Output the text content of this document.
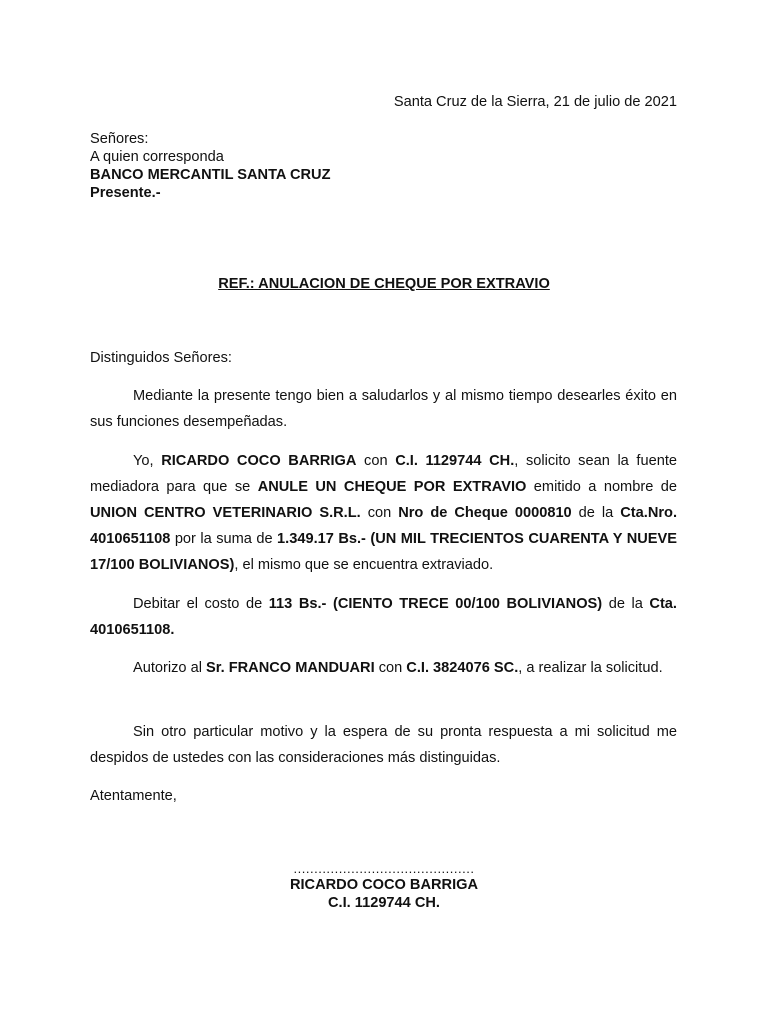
Santa Cruz de la Sierra, 21 de julio de 2021
Señores:
A quien corresponda
BANCO MERCANTIL SANTA CRUZ
Presente.-
REF.: ANULACION DE CHEQUE POR EXTRAVIO
Distinguidos Señores:
Mediante la presente tengo bien a saludarlos y al mismo tiempo desearles éxito en sus funciones desempeñadas.
Yo, RICARDO COCO BARRIGA con C.I. 1129744 CH., solicito sean la fuente mediadora para que se ANULE UN CHEQUE POR EXTRAVIO emitido a nombre de UNION CENTRO VETERINARIO S.R.L. con Nro de Cheque 0000810 de la Cta.Nro. 4010651108 por la suma de 1.349.17 Bs.- (UN MIL TRECIENTOS CUARENTA Y NUEVE 17/100 BOLIVIANOS), el mismo que se encuentra extraviado.
Debitar el costo de 113 Bs.- (CIENTO TRECE 00/100 BOLIVIANOS) de la Cta. 4010651108.
Autorizo al Sr. FRANCO MANDUARI con C.I. 3824076 SC., a realizar la solicitud.
Sin otro particular motivo y la espera de su pronta respuesta a mi solicitud me despidos de ustedes con las consideraciones más distinguidas.
Atentamente,
............................................
RICARDO COCO BARRIGA
C.I. 1129744 CH.
